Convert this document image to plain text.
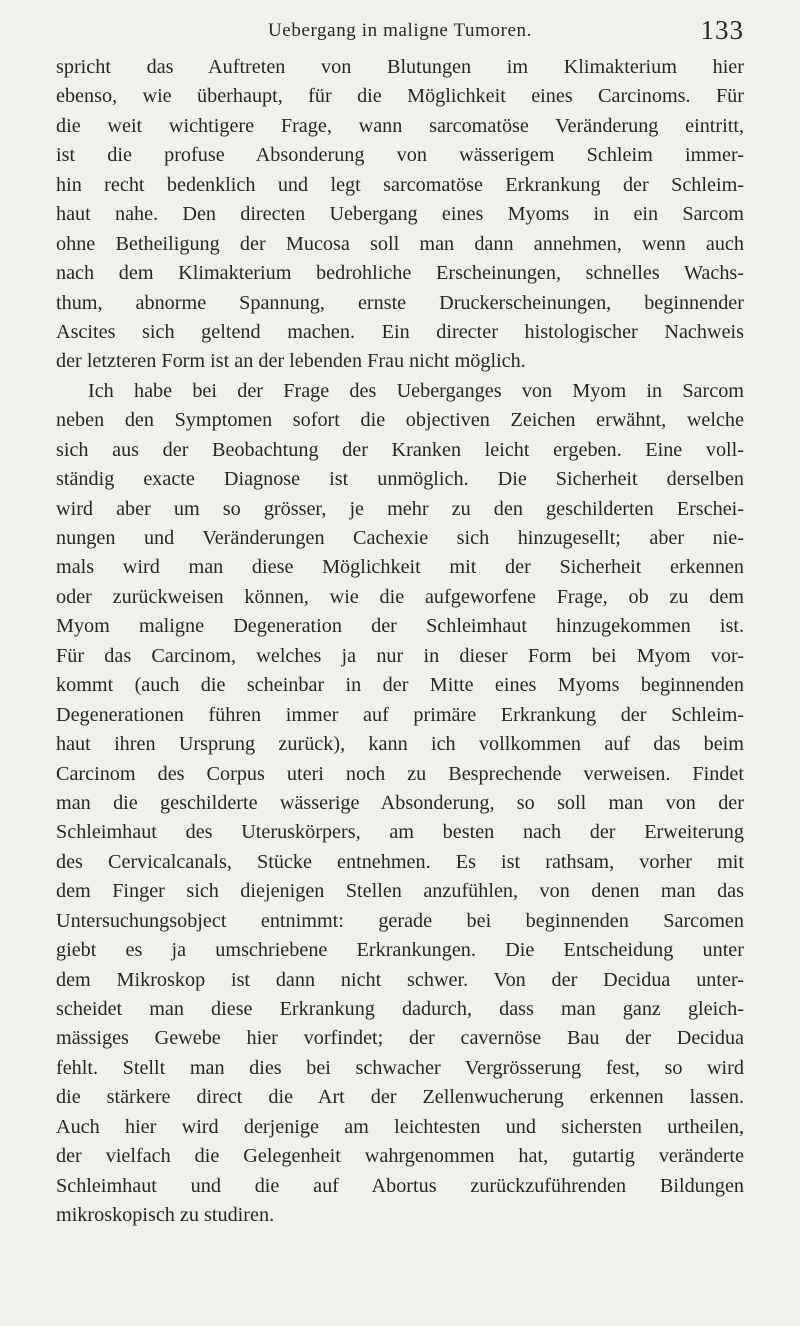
Uebergang in maligne Tumoren.	133
spricht das Auftreten von Blutungen im Klimakterium hier
ebenso, wie überhaupt, für die Möglichkeit eines Carcinoms. Für
die weit wichtigere Frage, wann sarcomatöse Veränderung eintritt,
ist die profuse Absonderung von wässerigem Schleim immer-
hin recht bedenklich und legt sarcomatöse Erkrankung der Schleim-
haut nahe. Den directen Uebergang eines Myoms in ein Sarcom
ohne Betheiligung der Mucosa soll man dann annehmen, wenn auch
nach dem Klimakterium bedrohliche Erscheinungen, schnelles Wachs-
thum, abnorme Spannung, ernste Druckerscheinungen, beginnender
Ascites sich geltend machen. Ein directer histologischer Nachweis
der letzteren Form ist an der lebenden Frau nicht möglich.
Ich habe bei der Frage des Ueberganges von Myom in Sarcom
neben den Symptomen sofort die objectiven Zeichen erwähnt, welche
sich aus der Beobachtung der Kranken leicht ergeben. Eine voll-
ständig exacte Diagnose ist unmöglich. Die Sicherheit derselben
wird aber um so grösser, je mehr zu den geschilderten Erschei-
nungen und Veränderungen Cachexie sich hinzugesellt; aber nie-
mals wird man diese Möglichkeit mit der Sicherheit erkennen
oder zurückweisen können, wie die aufgeworfene Frage, ob zu dem
Myom maligne Degeneration der Schleimhaut hinzugekommen ist.
Für das Carcinom, welches ja nur in dieser Form bei Myom vor-
kommt (auch die scheinbar in der Mitte eines Myoms beginnenden
Degenerationen führen immer auf primäre Erkrankung der Schleim-
haut ihren Ursprung zurück), kann ich vollkommen auf das beim
Carcinom des Corpus uteri noch zu Besprechende verweisen. Findet
man die geschilderte wässerige Absonderung, so soll man von der
Schleimhaut des Uteruskörpers, am besten nach der Erweiterung
des Cervicalcanals, Stücke entnehmen. Es ist rathsam, vorher mit
dem Finger sich diejenigen Stellen anzufühlen, von denen man das
Untersuchungsobject entnimmt: gerade bei beginnenden Sarcomen
giebt es ja umschriebene Erkrankungen. Die Entscheidung unter
dem Mikroskop ist dann nicht schwer. Von der Decidua unter-
scheidet man diese Erkrankung dadurch, dass man ganz gleich-
mässiges Gewebe hier vorfindet; der cavernöse Bau der Decidua
fehlt. Stellt man dies bei schwacher Vergrösserung fest, so wird
die stärkere direct die Art der Zellenwucherung erkennen lassen.
Auch hier wird derjenige am leichtesten und sichersten urtheilen,
der vielfach die Gelegenheit wahrgenommen hat, gutartig veränderte
Schleimhaut und die auf Abortus zurückzuführenden Bildungen
mikroskopisch zu studiren.
